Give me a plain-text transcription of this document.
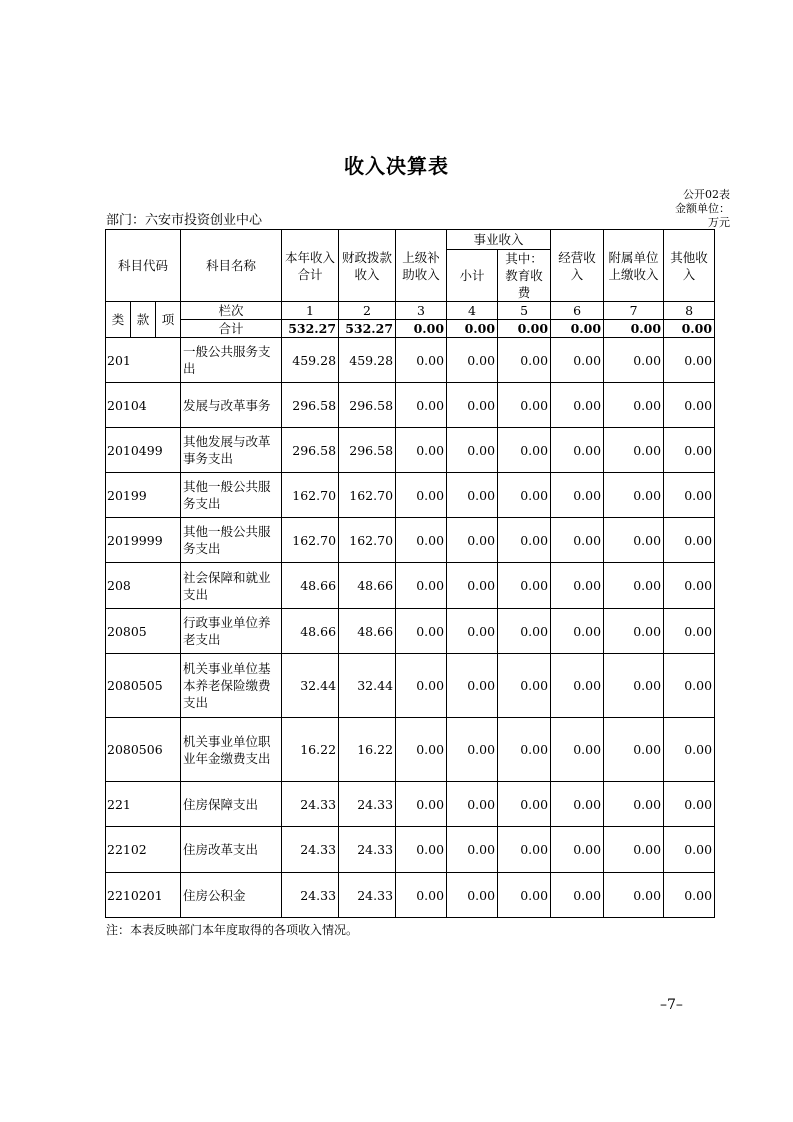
收入决算表
公开02表
金额单位：
部门：六安市投资创业中心	万元
科目代码			科目名称	本年收入合计	财政拨款收入	上级补助收入	事业收入		经营收入	附属单位上缴收入	其他收入
							小计	其中：教育收费			

类	款	项	栏次	1	2	3	4	5	6	7	8
			合计	532.27	532.27	0.00	0.00	0.00	0.00	0.00	0.00
201			一般公共服务支出	459.28	459.28	0.00	0.00	0.00	0.00	0.00	0.00
20104			发展与改革事务	296.58	296.58	0.00	0.00	0.00	0.00	0.00	0.00
2010499			其他发展与改革事务支出	296.58	296.58	0.00	0.00	0.00	0.00	0.00	0.00
20199			其他一般公共服务支出	162.70	162.70	0.00	0.00	0.00	0.00	0.00	0.00
2019999			其他一般公共服务支出	162.70	162.70	0.00	0.00	0.00	0.00	0.00	0.00
208			社会保障和就业支出	48.66	48.66	0.00	0.00	0.00	0.00	0.00	0.00
20805			行政事业单位养老支出	48.66	48.66	0.00	0.00	0.00	0.00	0.00	0.00
2080505			机关事业单位基本养老保险缴费支出	32.44	32.44	0.00	0.00	0.00	0.00	0.00	0.00
2080506			机关事业单位职业年金缴费支出	16.22	16.22	0.00	0.00	0.00	0.00	0.00	0.00
221			住房保障支出	24.33	24.33	0.00	0.00	0.00	0.00	0.00	0.00
22102			住房改革支出	24.33	24.33	0.00	0.00	0.00	0.00	0.00	0.00
2210201			住房公积金	24.33	24.33	0.00	0.00	0.00	0.00	0.00	0.00
注：本表反映部门本年度取得的各项收入情况。
–7–
